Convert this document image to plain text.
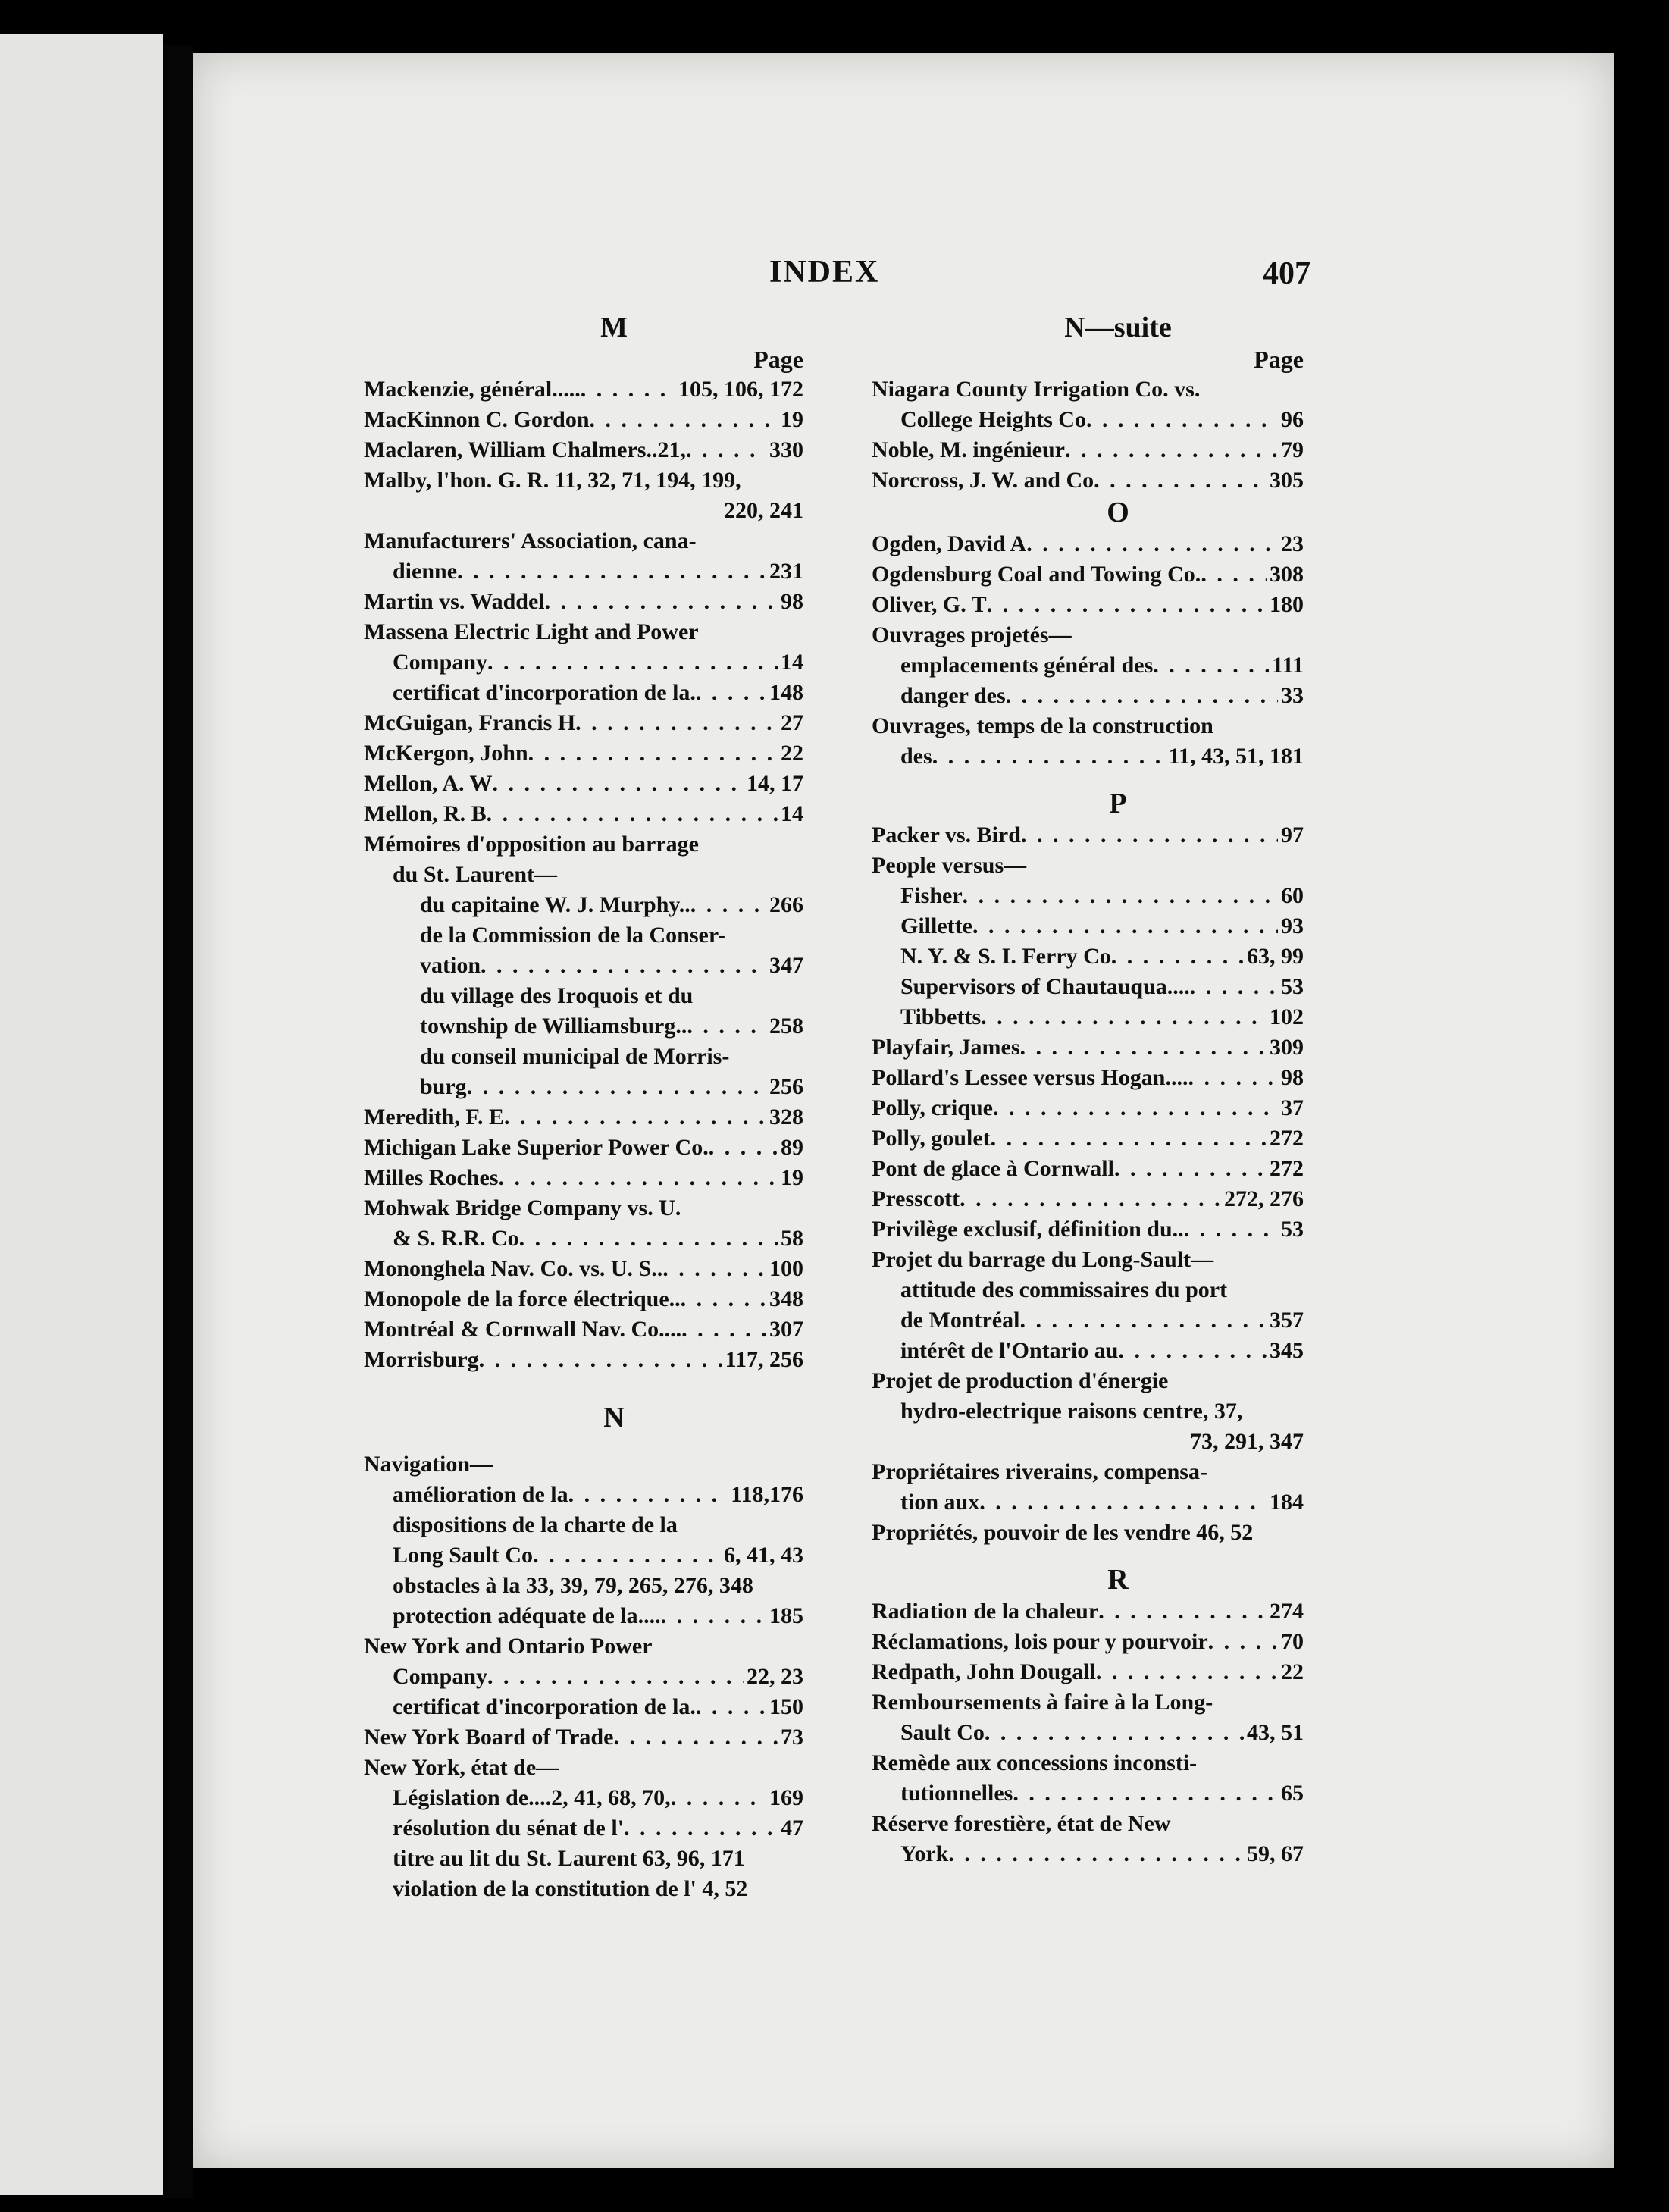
INDEX	407
M
Page
Mackenzie, général..... . . .	105, 106, 172
MacKinnon C. Gordon . . .	19
Maclaren, William Chalmers..21, . . .	330
Malby, l'hon. G. R. 11, 32, 71, 194, 199,
220, 241
Manufacturers' Association, cana-
dienne . . .	231
Martin vs. Waddel . . .	98
Massena Electric Light and Power
Company . . .	14
certificat d'incorporation de la. . . .	148
McGuigan, Francis H . . .	27
McKergon, John . . .	22
Mellon, A. W . . .	14, 17
Mellon, R. B . . .	14
Mémoires d'opposition au barrage
du St. Laurent—
du capitaine W. J. Murphy.. . . .	266
de la Commission de la Conser-
vation . . .	347
du village des Iroquois et du
township de Williamsburg.. . . .	258
du conseil municipal de Morris-
burg . . .	256
Meredith, F. E . . .	328
Michigan Lake Superior Power Co. . . .	89
Milles Roches . . .	19
Mohwak Bridge Company vs. U.
& S. R.R. Co . . .	58
Mononghela Nav. Co. vs. U. S.. . . .	100
Monopole de la force électrique.. . . .	348
Montréal & Cornwall Nav. Co.... . . .	307
Morrisburg . . .	117, 256
N
Navigation—
amélioration de la . . .	118,176
dispositions de la charte de la
Long Sault Co . . .	6, 41, 43
obstacles à la 33, 39, 79, 265, 276, 348
protection adéquate de la.... . . .	185
New York and Ontario Power
Company . . .	22, 23
certificat d'incorporation de la. . . .	150
New York Board of Trade . . .	73
New York, état de—
Législation de....2, 41, 68, 70, . . .	169
résolution du sénat de l' . . .	47
titre au lit du St. Laurent 63, 96, 171
violation de la constitution de l' 4, 52
N—suite
Page
Niagara County Irrigation Co. vs.
College Heights Co . . .	96
Noble, M. ingénieur . . .	79
Norcross, J. W. and Co . . .	305
O
Ogden, David A . . .	23
Ogdensburg Coal and Towing Co. . . .	308
Oliver, G. T . . .	180
Ouvrages projetés—
emplacements général des . . .	111
danger des . . .	33
Ouvrages, temps de la construction
des . . .	11, 43, 51, 181
P
Packer vs. Bird . . .	97
People versus—
Fisher . . .	60
Gillette . . .	93
N. Y. & S. I. Ferry Co . . .	63, 99
Supervisors of Chautauqua.... . . .	53
Tibbetts . . .	102
Playfair, James . . .	309
Pollard's Lessee versus Hogan.... . . .	98
Polly, crique . . .	37
Polly, goulet . . .	272
Pont de glace à Cornwall . . .	272
Presscott . . .	272, 276
Privilège exclusif, définition du.. . . .	53
Projet du barrage du Long-Sault—
attitude des commissaires du port
de Montréal . . .	357
intérêt de l'Ontario au . . .	345
Projet de production d'énergie
hydro-electrique raisons centre, 37,
73, 291, 347
Propriétaires riverains, compensa-
tion aux . . .	184
Propriétés, pouvoir de les vendre 46, 52
R
Radiation de la chaleur . . .	274
Réclamations, lois pour y pourvoir . . .	70
Redpath, John Dougall . . .	22
Remboursements à faire à la Long-
Sault Co . . .	43, 51
Remède aux concessions inconsti-
tutionnelles . . .	65
Réserve forestière, état de New
York . . .	59, 67
